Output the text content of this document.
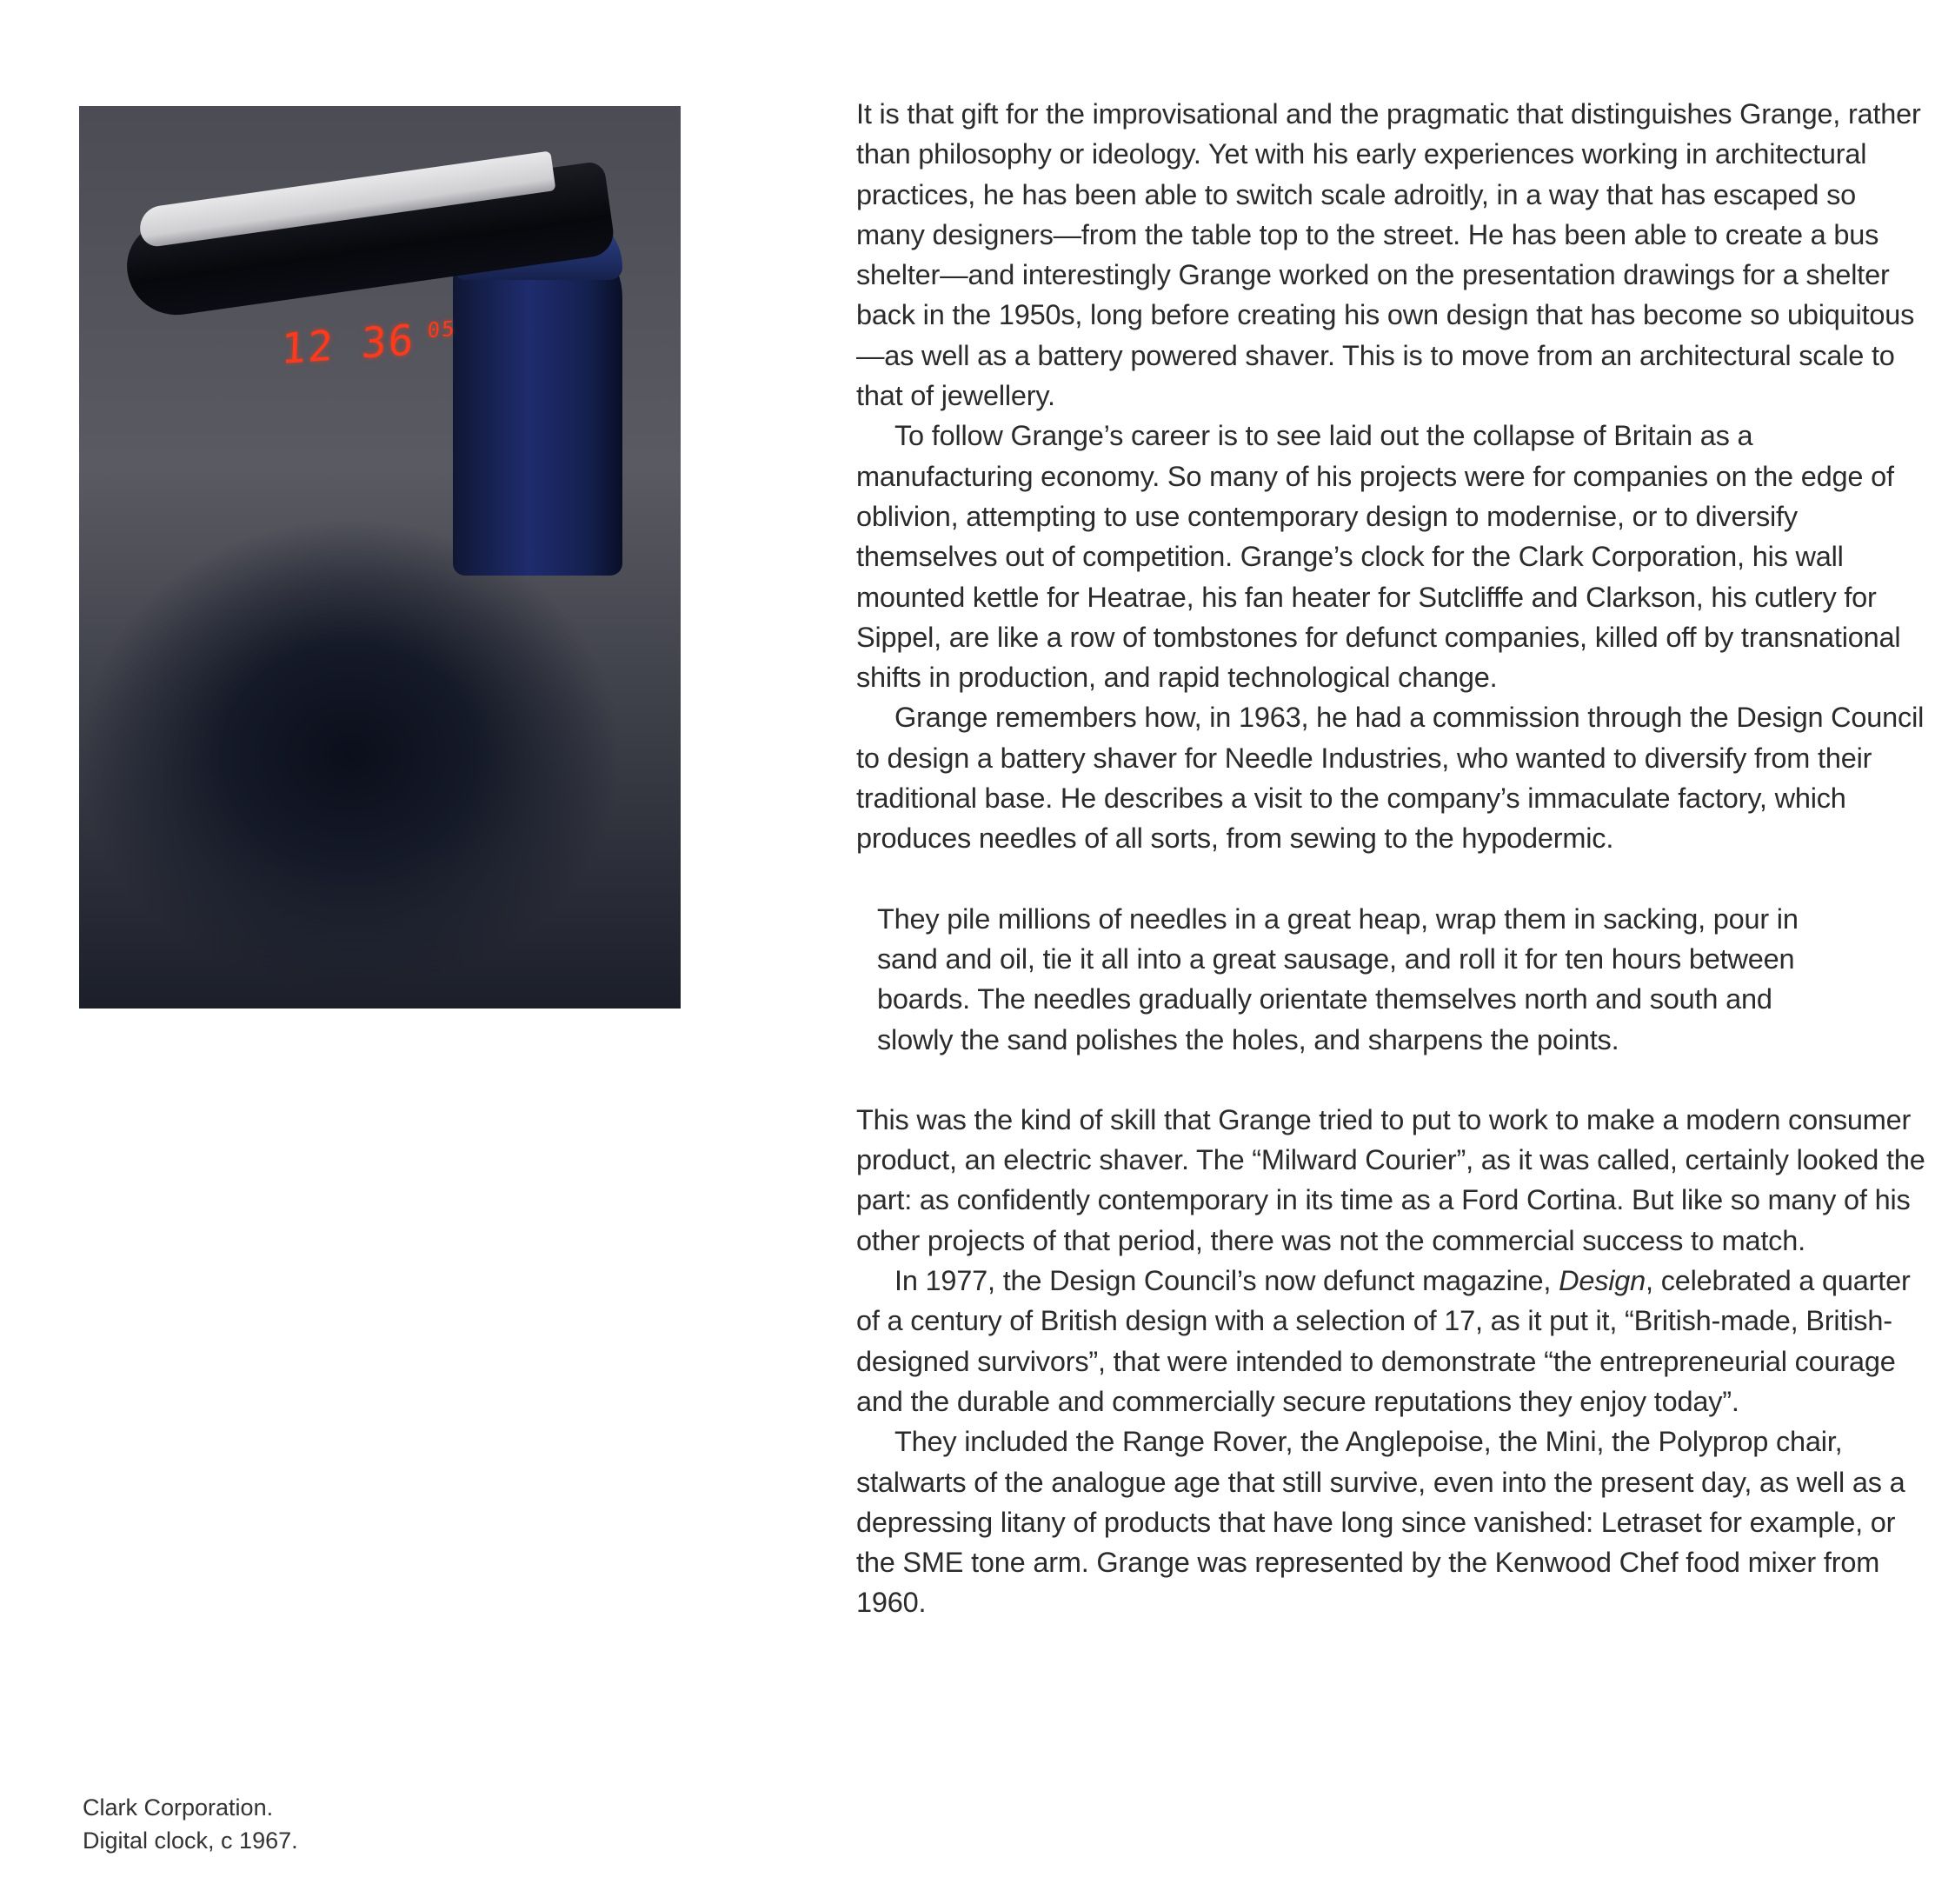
12 36 $^{05}$
Clark Corporation.
Digital clock, c 1967.

It is that gift for the improvisational and the pragmatic that distinguishes Grange, rather than philosophy or ideology. Yet with his early experiences working in architectural practices, he has been able to switch scale adroitly, in a way that has escaped so many designers—from the table top to the street. He has been able to create a bus shelter—and interestingly Grange worked on the presentation drawings for a shelter back in the 1950s, long before creating his own design that has become so ubiquitous—as well as a battery powered shaver. This is to move from an architectural scale to that of jewellery.

To follow Grange’s career is to see laid out the collapse of Britain as a manufacturing economy. So many of his projects were for companies on the edge of oblivion, attempting to use contemporary design to modernise, or to diversify themselves out of competition. Grange’s clock for the Clark Corporation, his wall mounted kettle for Heatrae, his fan heater for Sutclifffe and Clarkson, his cutlery for Sippel, are like a row of tombstones for defunct companies, killed off by transnational shifts in production, and rapid technological change.

Grange remembers how, in 1963, he had a commission through the Design Council to design a battery shaver for Needle Industries, who wanted to diversify from their traditional base. He describes a visit to the company’s immaculate factory, which produces needles of all sorts, from sewing to the hypodermic.

They pile millions of needles in a great heap, wrap them in sacking, pour in sand and oil, tie it all into a great sausage, and roll it for ten hours between boards. The needles gradually orientate themselves north and south and slowly the sand polishes the holes, and sharpens the points.

This was the kind of skill that Grange tried to put to work to make a modern consumer product, an electric shaver. The “Milward Courier”, as it was called, certainly looked the part: as confidently contemporary in its time as a Ford Cortina. But like so many of his other projects of that period, there was not the commercial success to match.

In 1977, the Design Council’s now defunct magazine, Design, celebrated a quarter of a century of British design with a selection of 17, as it put it, “British-made, British-designed survivors”, that were intended to demonstrate “the entrepreneurial courage and the durable and commercially secure reputations they enjoy today”.

They included the Range Rover, the Anglepoise, the Mini, the Polyprop chair, stalwarts of the analogue age that still survive, even into the present day, as well as a depressing litany of products that have long since vanished: Letraset for example, or the SME tone arm. Grange was represented by the Kenwood Chef food mixer from 1960.
